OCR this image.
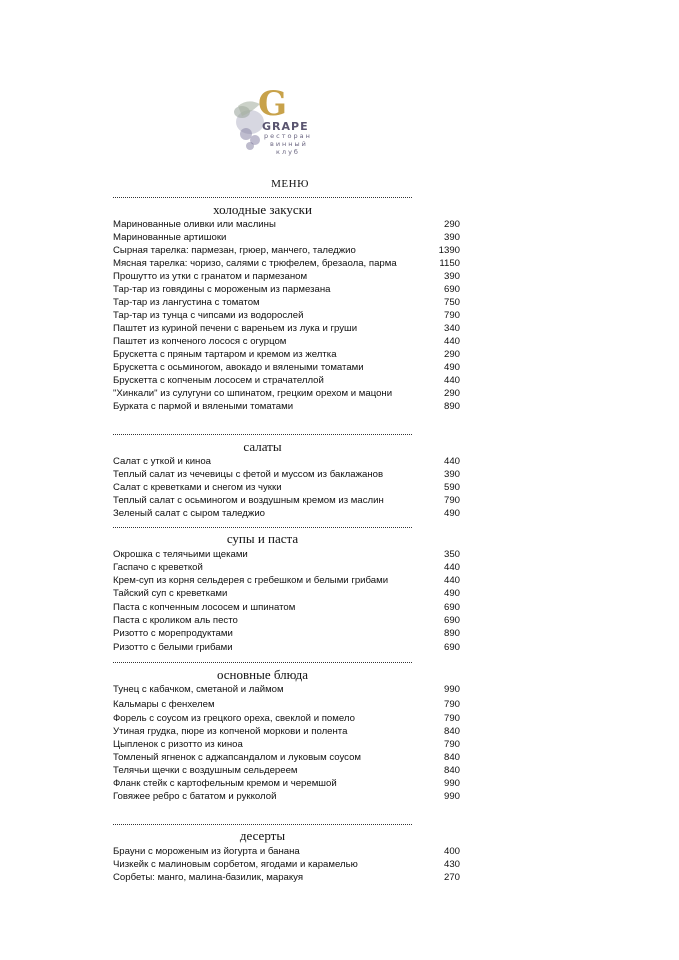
G
GRAPE
ресторан
винный
клуб
МЕНЮ
холодные закуски
Маринованные оливки или маслины	290
Маринованные артишоки	390
Сырная тарелка: пармезан, грюер, манчего, таледжио	1390
Мясная тарелка: чоризо, салями с трюфелем, брезаола, парма	1150
Прошутто из утки с гранатом и пармезаном	390
Тар-тар из говядины с мороженым из пармезана	690
Тар-тар из лангустина с томатом	750
Тар-тар из тунца с чипсами из водорослей	790
Паштет из куриной печени с вареньем из лука и груши	340
Паштет из копченого лосося с огурцом	440
Брускетта с пряным тартаром и кремом из желтка	290
Брускетта с осьминогом, авокадо и вялеными томатами	490
Брускетта с копченым лососем и страчателлой	440
"Хинкали" из сулугуни со шпинатом, грецким орехом и мацони	290
Бурката с пармой и вялеными томатами	890
салаты
Салат с уткой и киноа	440
Теплый салат из чечевицы с фетой и муссом из баклажанов	390
Салат с креветками и снегом из чукки	590
Теплый салат с осьминогом и воздушным кремом из маслин	790
Зеленый салат с сыром таледжио	490
супы и паста
Окрошка с телячьими щеками	350
Гаспачо с креветкой	440
Крем-суп из корня сельдерея с гребешком и белыми грибами	440
Тайский суп с креветками	490
Паста с копченным лососем и шпинатом	690
Паста с кроликом аль песто	690
Ризотто с морепродуктами	890
Ризотто с белыми грибами	690
основные блюда
Тунец с кабачком, сметаной и лаймом	990
Кальмары с фенхелем	790
Форель с соусом из грецкого ореха, свеклой и помело	790
Утиная грудка, пюре из копченой моркови и полента	840
Цыпленок с ризотто из киноа	790
Томленый ягненок с аджапсандалом и луковым соусом	840
Телячьи щечки с воздушным сельдереем	840
Фланк стейк с картофельным кремом и черемшой	990
Говяжее ребро с бататом и рукколой	990
десерты
Брауни с мороженым из йогурта и банана	400
Чизкейк с малиновым сорбетом, ягодами и карамелью	430
Сорбеты: манго, малина-базилик, маракуя	270
